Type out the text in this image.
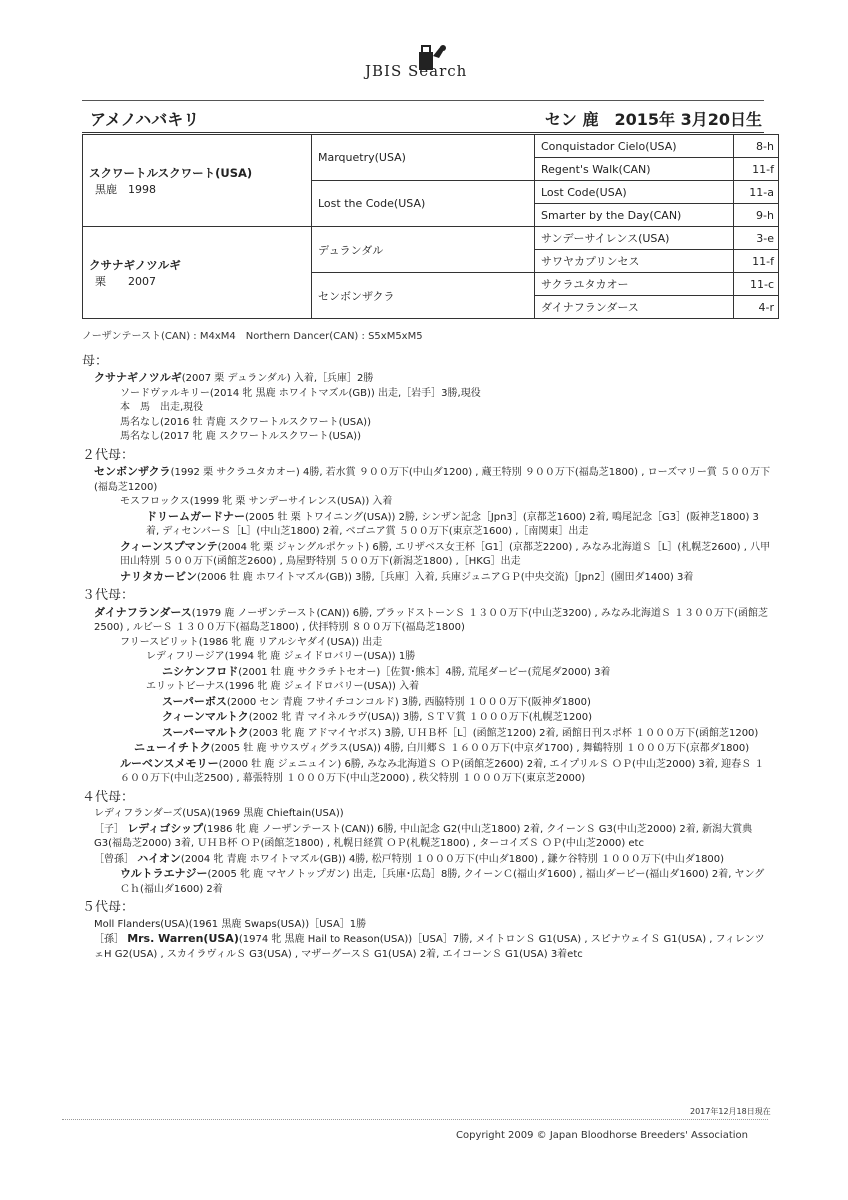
JBIS Search
アメノハバキリ	セン 鹿　2015年 3月20日生
スクワートルスクワート(USA)
黒鹿　1998	Marquetry(USA)	Conquistador Cielo(USA)	8-h
		Regent's Walk(CAN)	11-f
	Lost the Code(USA)	Lost Code(USA)	11-a
		Smarter by the Day(CAN)	9-h

クサナギノツルギ
栗　　2007	デュランダル	サンデーサイレンス(USA)	3-e
		サワヤカプリンセス	11-f
	センボンザクラ	サクラユタカオー	11-c
		ダイナフランダース	4-r
ノーザンテースト(CAN) : M4xM4　Northern Dancer(CAN) : S5xM5xM5
母：
クサナギノツルギ(2007 栗 デュランダル) 入着,［兵庫］2勝
ソードヴァルキリー(2014 牝 黒鹿 ホワイトマズル(GB)) 出走,［岩手］3勝,現役
本　馬　出走,現役
馬名なし(2016 牡 青鹿 スクワートルスクワート(USA))
馬名なし(2017 牝 鹿 スクワートルスクワート(USA))
２代母：
センボンザクラ(1992 栗 サクラユタカオー) 4勝, 若水賞 ９００万下(中山ダ1200) , 蔵王特別 ９００万下(福島芝1800) , ローズマリー賞 ５００万下(福島芝1200)
モスフロックス(1999 牝 栗 サンデーサイレンス(USA)) 入着
ドリームガードナー(2005 牡 栗 トワイニング(USA)) 2勝, シンザン記念［Jpn3］(京都芝1600) 2着, 鳴尾記念［G3］(阪神芝1800) 3着, ディセンバーＳ［L］(中山芝1800) 2着, ベゴニア賞 ５００万下(東京芝1600) ,［南関東］出走
クィーンスプマンテ(2004 牝 栗 ジャングルポケット) 6勝, エリザベス女王杯［G1］(京都芝2200) , みなみ北海道Ｓ［L］(札幌芝2600) , 八甲田山特別 ５００万下(函館芝2600) , 鳥屋野特別 ５００万下(新潟芝1800) ,［HKG］出走
ナリタカービン(2006 牡 鹿 ホワイトマズル(GB)) 3勝,［兵庫］入着, 兵庫ジュニアＧＰ(中央交流)［Jpn2］(園田ダ1400) 3着
３代母：
ダイナフランダース(1979 鹿 ノーザンテースト(CAN)) 6勝, ブラッドストーンＳ １３００万下(中山芝3200) , みなみ北海道Ｓ １３００万下(函館芝2500) , ルビーＳ １３００万下(福島芝1800) , 伏拝特別 ８００万下(福島芝1800)
フリースピリット(1986 牝 鹿 リアルシヤダイ(USA)) 出走
レディフリージア(1994 牝 鹿 ジェイドロバリー(USA)) 1勝
ニシケンフロド(2001 牡 鹿 サクラチトセオー)［佐賀･熊本］4勝, 荒尾ダービー(荒尾ダ2000) 3着
エリットビーナス(1996 牝 鹿 ジェイドロバリー(USA)) 入着
スーパーボス(2000 セン 青鹿 フサイチコンコルド) 3勝, 西脇特別 １０００万下(阪神ダ1800)
クィーンマルトク(2002 牝 青 マイネルラヴ(USA)) 3勝, ＳＴＶ賞 １０００万下(札幌芝1200)
スーパーマルトク(2003 牝 鹿 アドマイヤボス) 3勝, ＵＨＢ杯［L］(函館芝1200) 2着, 函館日刊スポ杯 １０００万下(函館芝1200)
ニューイチトク(2005 牡 鹿 サウスヴィグラス(USA)) 4勝, 白川郷Ｓ １６００万下(中京ダ1700) , 舞鶴特別 １０００万下(京都ダ1800)
ルーベンスメモリー(2000 牡 鹿 ジェニュイン) 6勝, みなみ北海道Ｓ ＯＰ(函館芝2600) 2着, エイプリルＳ ＯＰ(中山芝2000) 3着, 迎春Ｓ １６００万下(中山芝2500) , 幕張特別 １０００万下(中山芝2000) , 秩父特別 １０００万下(東京芝2000)
４代母：
レディフランダーズ(USA)(1969 黒鹿 Chieftain(USA))
［子］ レディゴシップ(1986 牝 鹿 ノーザンテースト(CAN)) 6勝, 中山記念 G2(中山芝1800) 2着, クイーンＳ G3(中山芝2000) 2着, 新潟大賞典 G3(福島芝2000) 3着, ＵＨＢ杯 ＯＰ(函館芝1800) , 札幌日経賞 ＯＰ(札幌芝1800) , ターコイズＳ ＯＰ(中山芝2000) etc
［曾孫］ ハイオン(2004 牝 青鹿 ホワイトマズル(GB)) 4勝, 松戸特別 １０００万下(中山ダ1800) , 鎌ケ谷特別 １０００万下(中山ダ1800)
ウルトラエナジー(2005 牝 鹿 マヤノトップガン) 出走,［兵庫･広島］8勝, クイーンＣ(福山ダ1600) , 福山ダービー(福山ダ1600) 2着, ヤングＣｈ(福山ダ1600) 2着
５代母：
Moll Flanders(USA)(1961 黒鹿 Swaps(USA))［USA］1勝
［孫］ Mrs. Warren(USA)(1974 牝 黒鹿 Hail to Reason(USA))［USA］7勝, メイトロンＳ G1(USA) , スピナウェイＳ G1(USA) , フィレンツェH G2(USA) , スカイラヴィルＳ G3(USA) , マザーグースＳ G1(USA) 2着, エイコーンＳ G1(USA) 3着etc
2017年12月18日現在
Copyright 2009 © Japan Bloodhorse Breeders' Association
